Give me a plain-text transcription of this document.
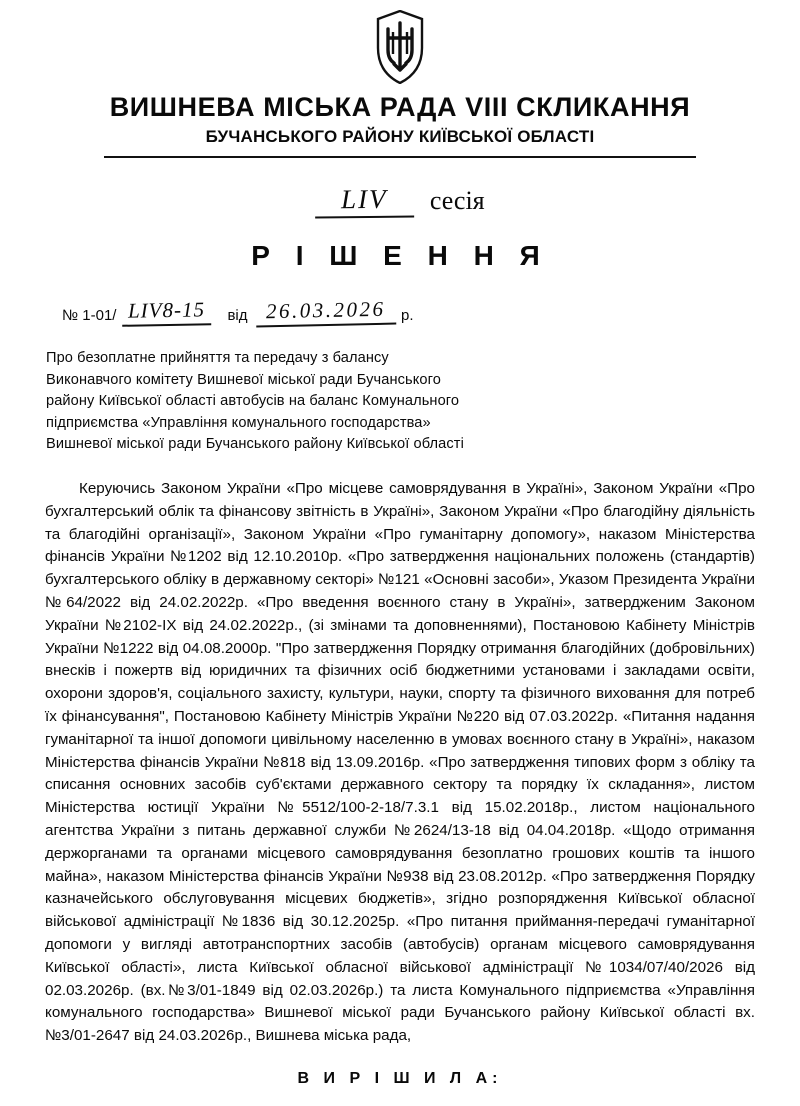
ВИШНЕВА МІСЬКА РАДА VIII СКЛИКАННЯ
БУЧАНСЬКОГО РАЙОНУ КИЇВСЬКОЇ ОБЛАСТІ
LIV	сесія
Р І Ш Е Н Н Я
№ 1-01/ LIV8-15	від 26.03.2026	р.
Про безоплатне прийняття та передачу з балансу Виконавчого комітету Вишневої міської ради Бучанського району Київської області автобусів на баланс Комунального підприємства «Управління комунального господарства» Вишневої міської ради Бучанського району Київської області

Керуючись Законом України «Про місцеве самоврядування в Україні», Законом України «Про бухгалтерський облік та фінансову звітність в Україні», Законом України «Про благодійну діяльність та благодійні організації», Законом України «Про гуманітарну допомогу», наказом Міністерства фінансів України №1202 від 12.10.2010р. «Про затвердження національних положень (стандартів) бухгалтерського обліку в державному секторі» №121 «Основні засоби», Указом Президента України №64/2022 від 24.02.2022р. «Про введення воєнного стану в Україні», затвердженим Законом України №2102-IX від 24.02.2022р., (зі змінами та доповненнями), Постановою Кабінету Міністрів України №1222 від 04.08.2000р. "Про затвердження Порядку отримання благодійних (добровільних) внесків і пожертв від юридичних та фізичних осіб бюджетними установами і закладами освіти, охорони здоров'я, соціального захисту, культури, науки, спорту та фізичного виховання для потреб їх фінансування", Постановою Кабінету Міністрів України №220 від 07.03.2022р. «Питання надання гуманітарної та іншої допомоги цивільному населенню в умовах воєнного стану в Україні», наказом Міністерства фінансів України №818 від 13.09.2016р. «Про затвердження типових форм з обліку та списання основних засобів суб'єктами державного сектору та порядку їх складання», листом Міністерства юстиції України №5512/100-2-18/7.3.1 від 15.02.2018р., листом національного агентства України з питань державної служби №2624/13-18 від 04.04.2018р. «Щодо отримання держорганами та органами місцевого самоврядування безоплатно грошових коштів та іншого майна», наказом Міністерства фінансів України №938 від 23.08.2012р. «Про затвердження Порядку казначейського обслуговування місцевих бюджетів», згідно розпорядження Київської обласної військової адміністрації №1836 від 30.12.2025р. «Про питання приймання-передачі гуманітарної допомоги у вигляді автотранспортних засобів (автобусів) органам місцевого самоврядування Київської області», листа Київської обласної військової адміністрації №1034/07/40/2026 від 02.03.2026р. (вх.№3/01-1849 від 02.03.2026р.) та листа Комунального підприємства «Управління комунального господарства» Вишневої міської ради Бучанського району Київської області вх. №3/01-2647 від 24.03.2026р., Вишнева міська рада,

В И Р І Ш И Л А:
